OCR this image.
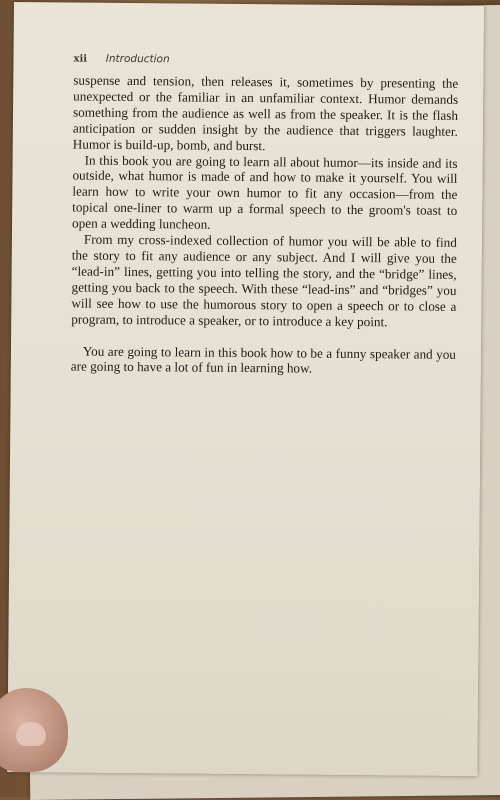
xii Introduction

suspense and tension, then releases it, sometimes by presenting the unexpected or the familiar in an unfamiliar context. Humor demands something from the audience as well as from the speaker. It is the flash anticipation or sudden insight by the audience that triggers laughter. Humor is build-up, bomb, and burst.

In this book you are going to learn all about humor—its inside and its outside, what humor is made of and how to make it yourself. You will learn how to write your own humor to fit any occasion—from the topical one-liner to warm up a formal speech to the groom's toast to open a wedding luncheon.

From my cross-indexed collection of humor you will be able to find the story to fit any audience or any subject. And I will give you the “lead-in” lines, getting you into telling the story, and the “bridge” lines, getting you back to the speech. With these “lead-ins” and “bridges” you will see how to use the humorous story to open a speech or to close a program, to introduce a speaker, or to introduce a key point.

You are going to learn in this book how to be a funny speaker and you are going to have a lot of fun in learning how.
